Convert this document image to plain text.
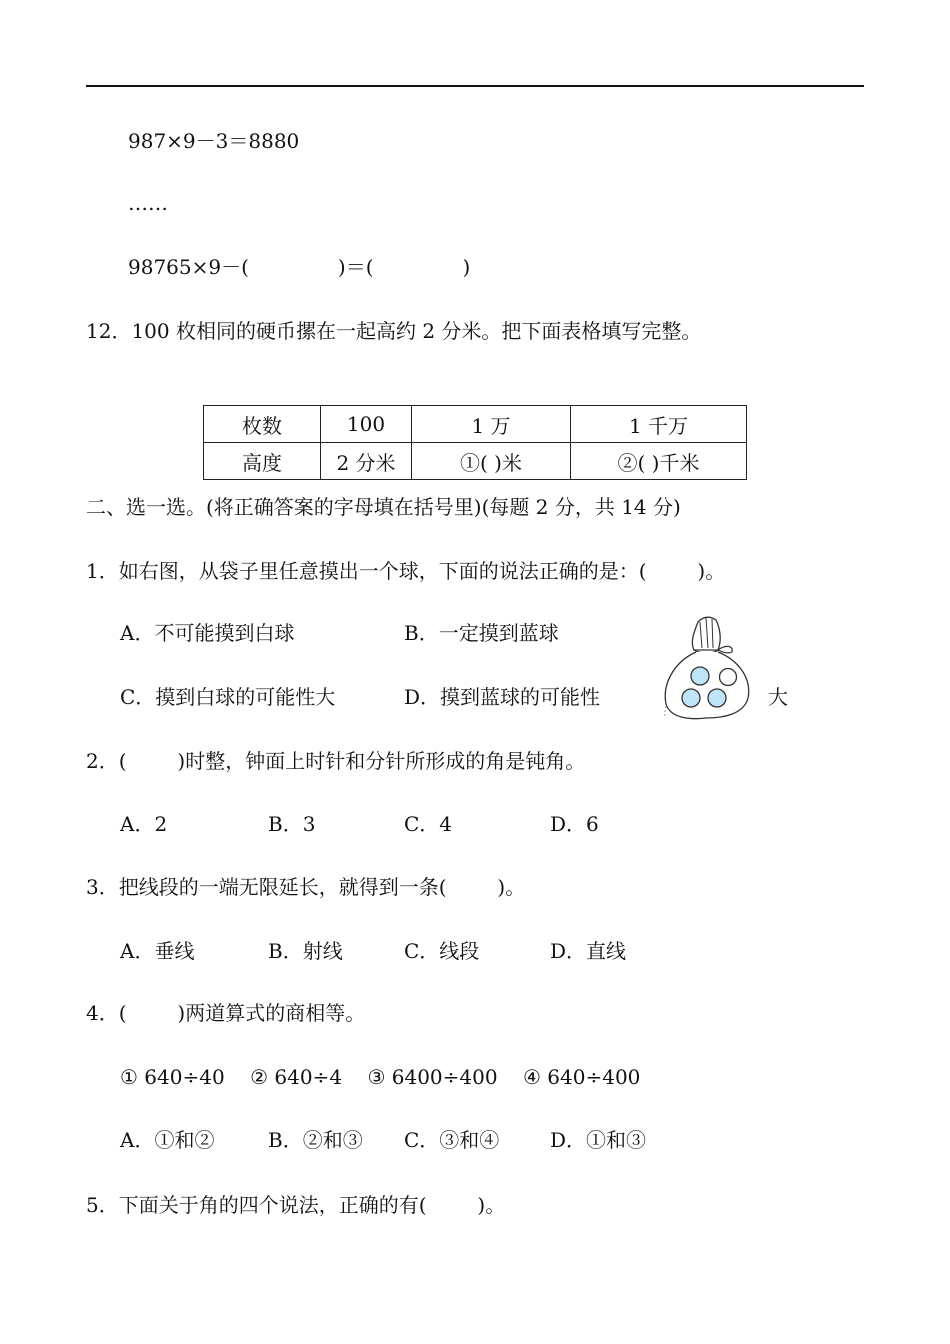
987×9－3＝8880
……
98765×9－(              )＝(              )
12．100 枚相同的硬币摞在一起高约 2 分米。把下面表格填写完整。
枚数	100	1 万	1 千万
高度	2 分米	①( )米	②( )千米
二、选一选。(将正确答案的字母填在括号里)(每题 2 分，共 14 分)
1．如右图，从袋子里任意摸出一个球，下面的说法正确的是：(        )。
A．不可能摸到白球	B．一定摸到蓝球
C．摸到白球的可能性大	D．摸到蓝球的可能性	大
2．(        )时整，钟面上时针和分针所形成的角是钝角。
A．2	B．3	C．4	D．6
3．把线段的一端无限延长，就得到一条(        )。
A．垂线	B．射线	C．线段	D．直线
4．(        )两道算式的商相等。
① 640÷40    ② 640÷4    ③ 6400÷400    ④ 640÷400
A．①和②	B．②和③ C．③和④	D．①和③
5．下面关于角的四个说法，正确的有(        )。
